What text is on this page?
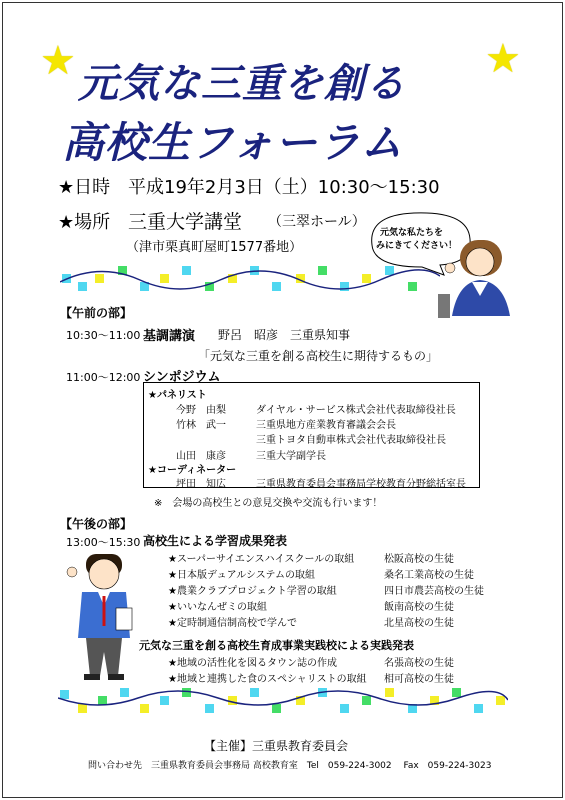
★	★
元気な三重を創る
高校生フォーラム
★日時 平成19年2月3日（土）10:30〜15:30
★場所 三重大学講堂 （三翠ホール）
（津市栗真町屋町1577番地）
元気な私たちを
みにきてください！
【午前の部】
10:30〜11:00 基調講演 野呂　昭彦　三重県知事
「元気な三重を創る高校生に期待するもの」
11:00〜12:00 シンポジウム
★パネリスト
今野　由梨	ダイヤル・サービス株式会社代表取締役社長
竹林　武一	三重県地方産業教育審議会会長
三重トヨタ自動車株式会社代表取締役社長
山田　康彦	三重大学副学長
★コーディネーター
坪田　知広	三重県教育委員会事務局学校教育分野総括室長
※　会場の高校生との意見交換や交流も行います！
【午後の部】
13:00〜15:30 高校生による学習成果発表
★スーパーサイエンスハイスクールの取組	松阪高校の生徒
★日本版デュアルシステムの取組	桑名工業高校の生徒
★農業クラブプロジェクト学習の取組	四日市農芸高校の生徒
★いいなんぜミの取組	飯南高校の生徒
★定時制通信制高校で学んで	北星高校の生徒
元気な三重を創る高校生育成事業実践校による実践発表
★地域の活性化を図るタウン誌の作成	名張高校の生徒
★地域と連携した食のスペシャリストの取組 相可高校の生徒
【主催】三重県教育委員会
問い合わせ先　三重県教育委員会事務局 高校教育室　Tel　059-224-3002　 Fax　059-224-3023
